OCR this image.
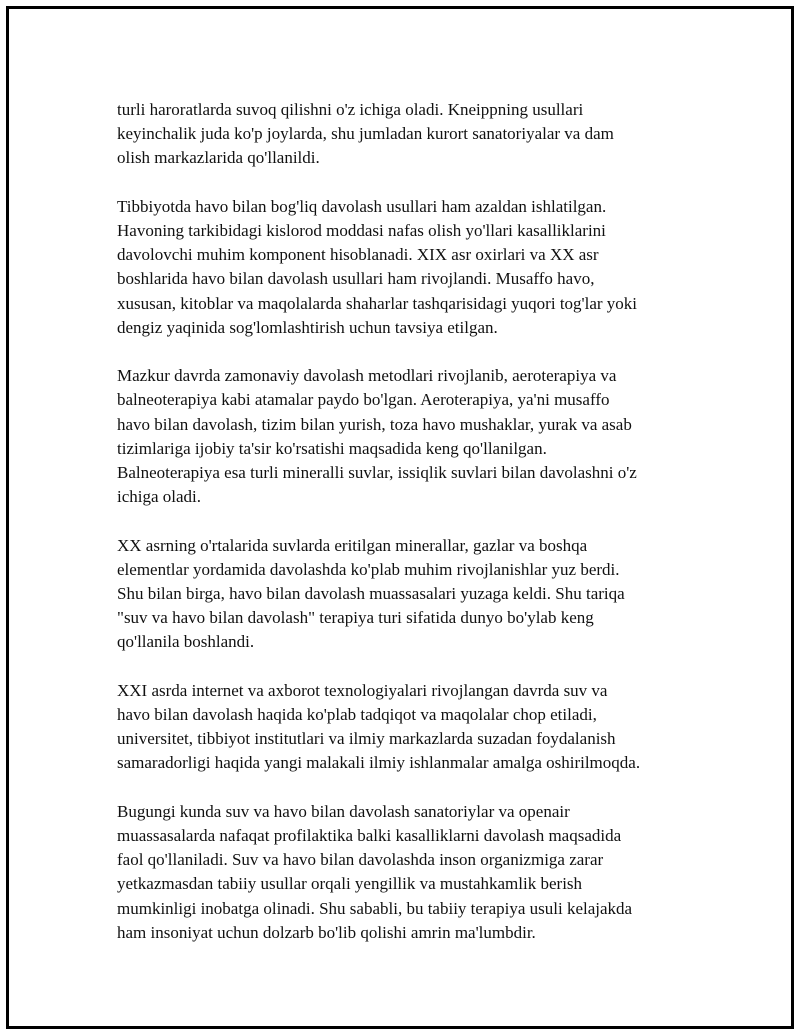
turli haroratlarda suvoq qilishni o'z ichiga oladi. Kneippning usullari
keyinchalik juda ko'p joylarda, shu jumladan kurort sanatoriyalar va dam
olish markazlarida qo'llanildi.

Tibbiyotda havo bilan bog'liq davolash usullari ham azaldan ishlatilgan.
Havoning tarkibidagi kislorod moddasi nafas olish yo'llari kasalliklarini
davolovchi muhim komponent hisoblanadi. XIX asr oxirlari va XX asr
boshlarida havo bilan davolash usullari ham rivojlandi. Musaffo havo,
xususan, kitoblar va maqolalarda shaharlar tashqarisidagi yuqori tog'lar yoki
dengiz yaqinida sog'lomlashtirish uchun tavsiya etilgan.

Mazkur davrda zamonaviy davolash metodlari rivojlanib, aeroterapiya va
balneoterapiya kabi atamalar paydo bo'lgan. Aeroterapiya, ya'ni musaffo
havo bilan davolash, tizim bilan yurish, toza havo mushaklar, yurak va asab
tizimlariga ijobiy ta'sir ko'rsatishi maqsadida keng qo'llanilgan.
Balneoterapiya esa turli mineralli suvlar, issiqlik suvlari bilan davolashni o'z
ichiga oladi.

XX asrning o'rtalarida suvlarda eritilgan minerallar, gazlar va boshqa
elementlar yordamida davolashda ko'plab muhim rivojlanishlar yuz berdi.
Shu bilan birga, havo bilan davolash muassasalari yuzaga keldi. Shu tariqa
"suv va havo bilan davolash" terapiya turi sifatida dunyo bo'ylab keng
qo'llanila boshlandi.

XXI asrda internet va axborot texnologiyalari rivojlangan davrda suv va
havo bilan davolash haqida ko'plab tadqiqot va maqolalar chop etiladi,
universitet, tibbiyot institutlari va ilmiy markazlarda suzadan foydalanish
samaradorligi haqida yangi malakali ilmiy ishlanmalar amalga oshirilmoqda.

Bugungi kunda suv va havo bilan davolash sanatoriylar va openair
muassasalarda nafaqat profilaktika balki kasalliklarni davolash maqsadida
faol qo'llaniladi. Suv va havo bilan davolashda inson organizmiga zarar
yetkazmasdan tabiiy usullar orqali yengillik va mustahkamlik berish
mumkinligi inobatga olinadi. Shu sababli, bu tabiiy terapiya usuli kelajakda
ham insoniyat uchun dolzarb bo'lib qolishi amrin ma'lumbdir.
